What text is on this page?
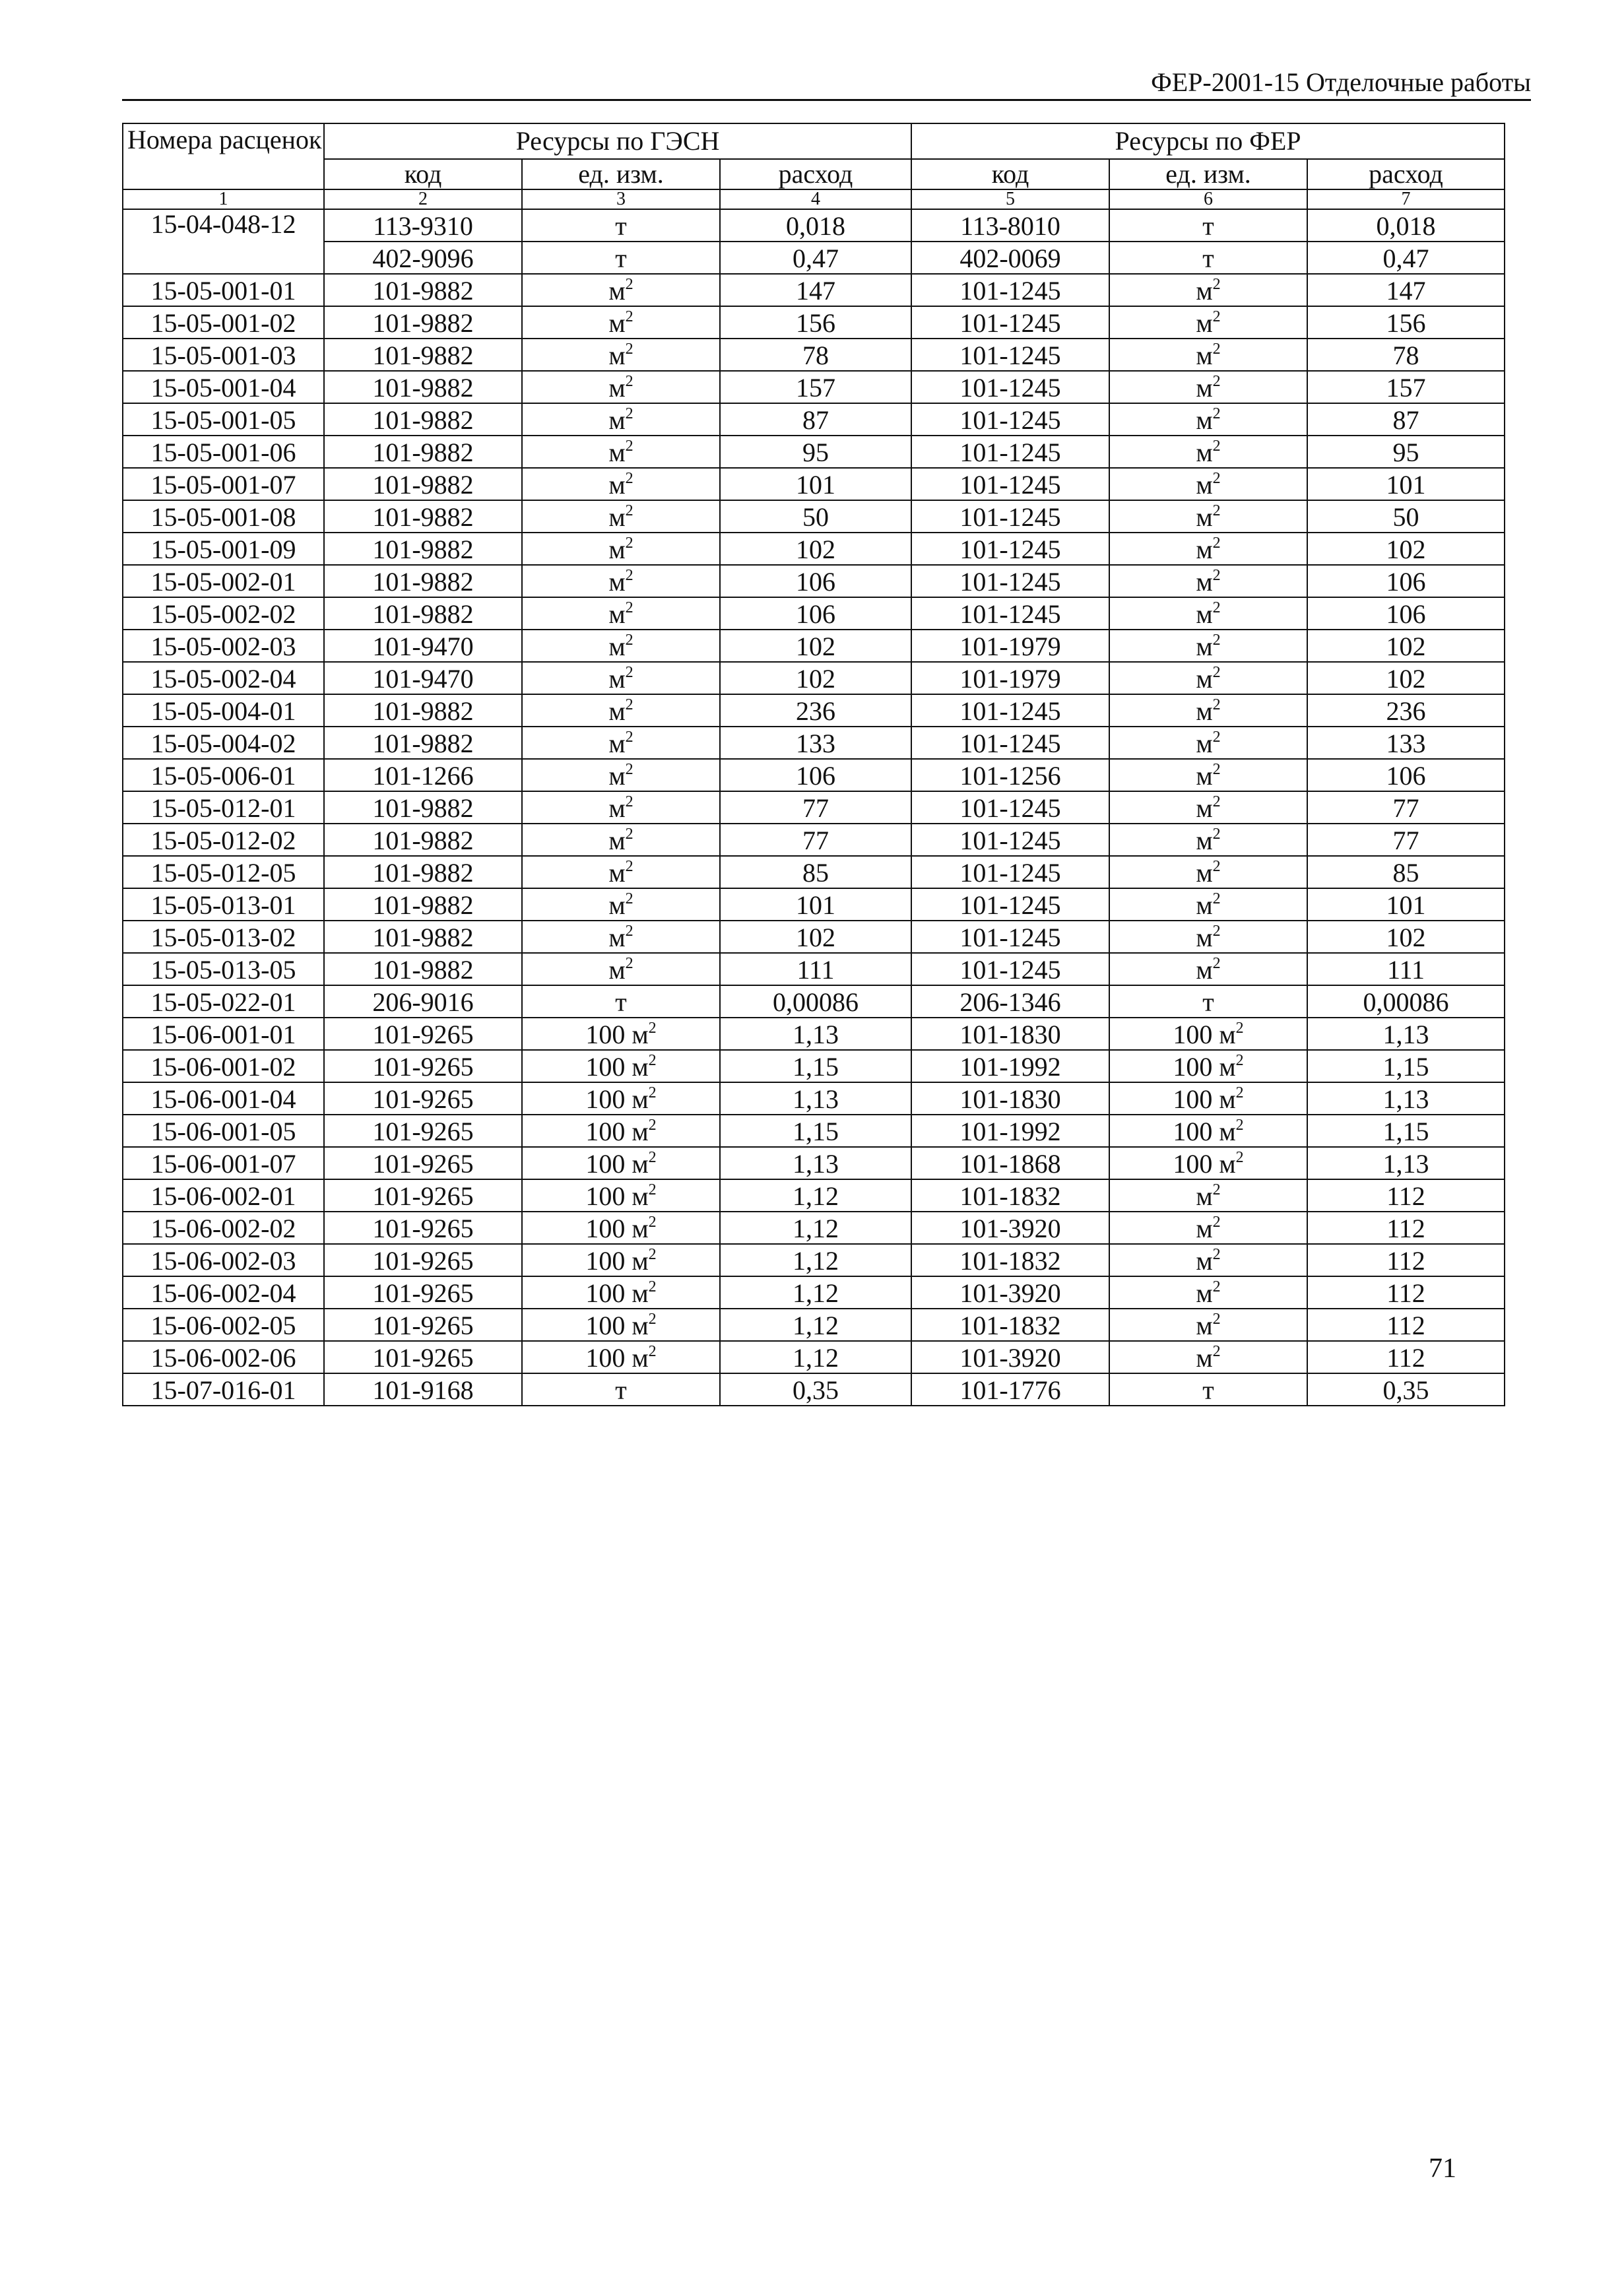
ФЕР-2001-15 Отделочные работы
Номера расценок	Ресурсы по ГЭСН			Ресурсы по ФЕР		
	код	ед. изм.	расход	код	ед. изм.	расход
1	2	3	4	5	6	7
15-04-048-12	113-9310	т	0,018	113-8010	т	0,018
	402-9096	т	0,47	402-0069	т	0,47
15-05-001-01	101-9882	$м^2$	147	101-1245	$м^2$	147
15-05-001-02	101-9882	$м^2$	156	101-1245	$м^2$	156
15-05-001-03	101-9882	$м^2$	78	101-1245	$м^2$	78
15-05-001-04	101-9882	$м^2$	157	101-1245	$м^2$	157
15-05-001-05	101-9882	$м^2$	87	101-1245	$м^2$	87
15-05-001-06	101-9882	$м^2$	95	101-1245	$м^2$	95
15-05-001-07	101-9882	$м^2$	101	101-1245	$м^2$	101
15-05-001-08	101-9882	$м^2$	50	101-1245	$м^2$	50
15-05-001-09	101-9882	$м^2$	102	101-1245	$м^2$	102
15-05-002-01	101-9882	$м^2$	106	101-1245	$м^2$	106
15-05-002-02	101-9882	$м^2$	106	101-1245	$м^2$	106
15-05-002-03	101-9470	$м^2$	102	101-1979	$м^2$	102
15-05-002-04	101-9470	$м^2$	102	101-1979	$м^2$	102
15-05-004-01	101-9882	$м^2$	236	101-1245	$м^2$	236
15-05-004-02	101-9882	$м^2$	133	101-1245	$м^2$	133
15-05-006-01	101-1266	$м^2$	106	101-1256	$м^2$	106
15-05-012-01	101-9882	$м^2$	77	101-1245	$м^2$	77
15-05-012-02	101-9882	$м^2$	77	101-1245	$м^2$	77
15-05-012-05	101-9882	$м^2$	85	101-1245	$м^2$	85
15-05-013-01	101-9882	$м^2$	101	101-1245	$м^2$	101
15-05-013-02	101-9882	$м^2$	102	101-1245	$м^2$	102
15-05-013-05	101-9882	$м^2$	111	101-1245	$м^2$	111
15-05-022-01	206-9016	т	0,00086	206-1346	т	0,00086
15-06-001-01	101-9265	100 $м^2$	1,13	101-1830	100 $м^2$	1,13
15-06-001-02	101-9265	100 $м^2$	1,15	101-1992	100 $м^2$	1,15
15-06-001-04	101-9265	100 $м^2$	1,13	101-1830	100 $м^2$	1,13
15-06-001-05	101-9265	100 $м^2$	1,15	101-1992	100 $м^2$	1,15
15-06-001-07	101-9265	100 $м^2$	1,13	101-1868	100 $м^2$	1,13
15-06-002-01	101-9265	100 $м^2$	1,12	101-1832	$м^2$	112
15-06-002-02	101-9265	100 $м^2$	1,12	101-3920	$м^2$	112
15-06-002-03	101-9265	100 $м^2$	1,12	101-1832	$м^2$	112
15-06-002-04	101-9265	100 $м^2$	1,12	101-3920	$м^2$	112
15-06-002-05	101-9265	100 $м^2$	1,12	101-1832	$м^2$	112
15-06-002-06	101-9265	100 $м^2$	1,12	101-3920	$м^2$	112
15-07-016-01	101-9168	т	0,35	101-1776	т	0,35
71
